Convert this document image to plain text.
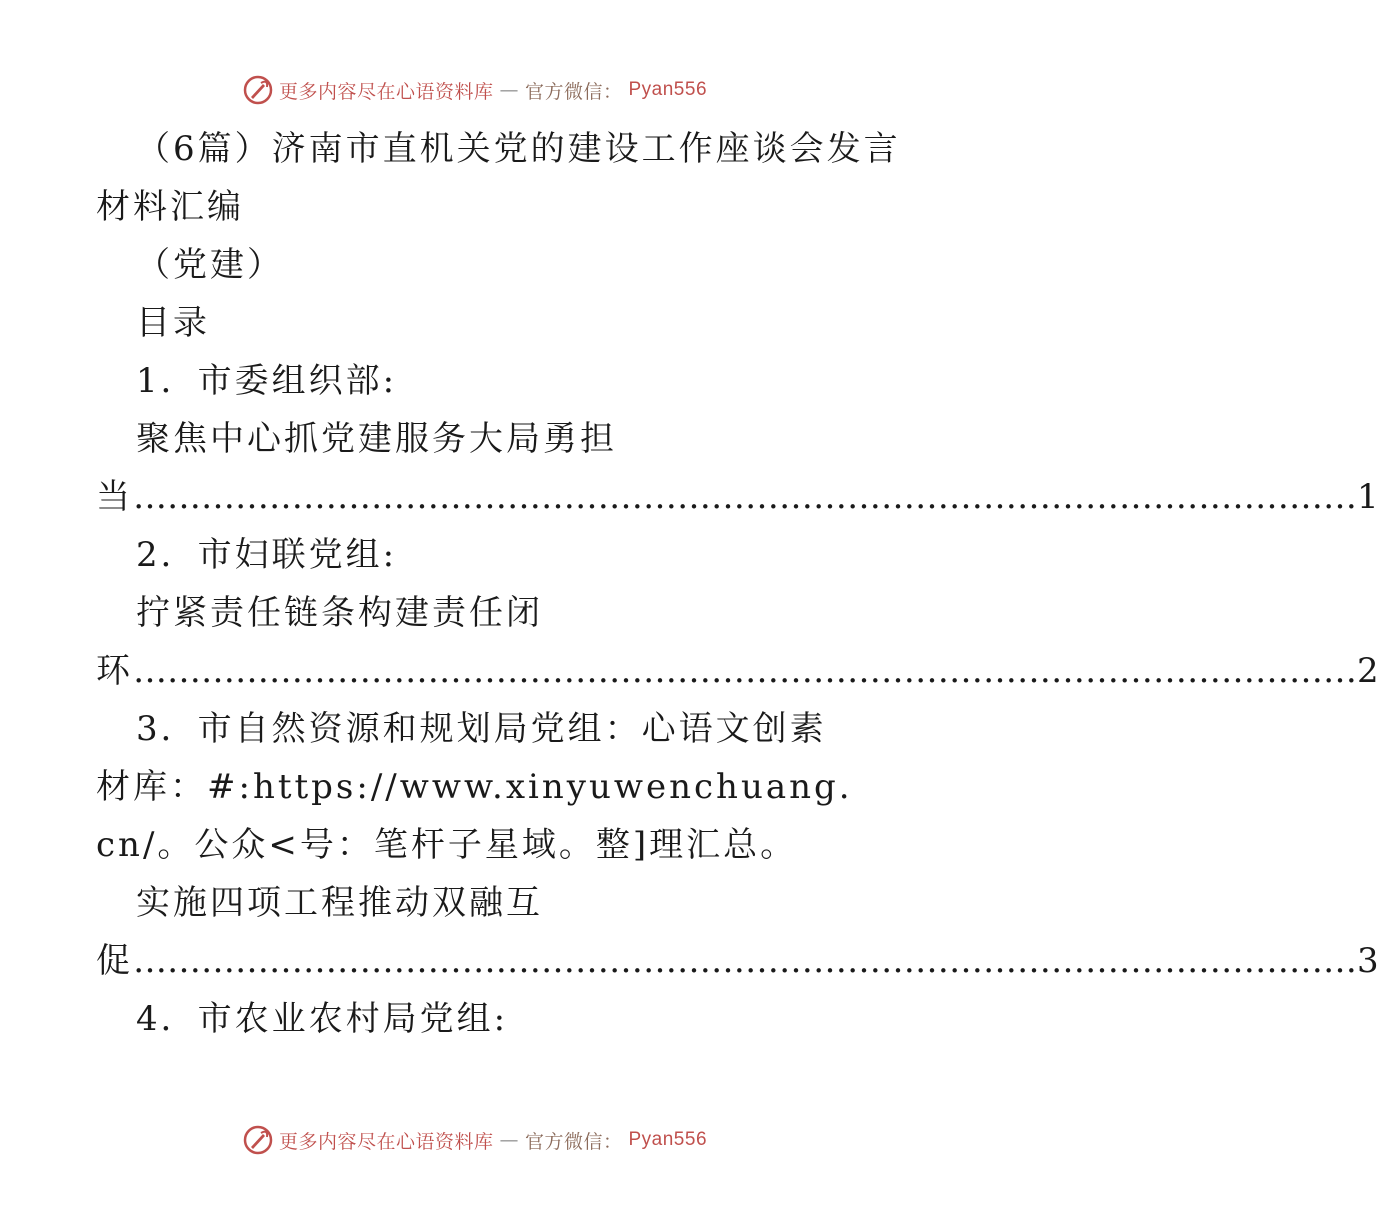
更多内容尽在心语资料库 — 官方微信： Pyan556
（6篇）济南市直机关党的建设工作座谈会发言
材料汇编
（党建）
目录
1．市委组织部:
聚焦中心抓党建服务大局勇担
当 ……………………………………………………………………………………………… 1
2．市妇联党组:
拧紧责任链条构建责任闭
环 ……………………………………………………………………………………………… 2
3．市自然资源和规划局党组：心语文创素材库：#:https://www.xinyuwenchuang.cn/。公众<号：笔杆子星域。整]理汇总。
实施四项工程推动双融互
促 ……………………………………………………………………………………………… 3
4．市农业农村局党组:
更多内容尽在心语资料库 — 官方微信： Pyan556
